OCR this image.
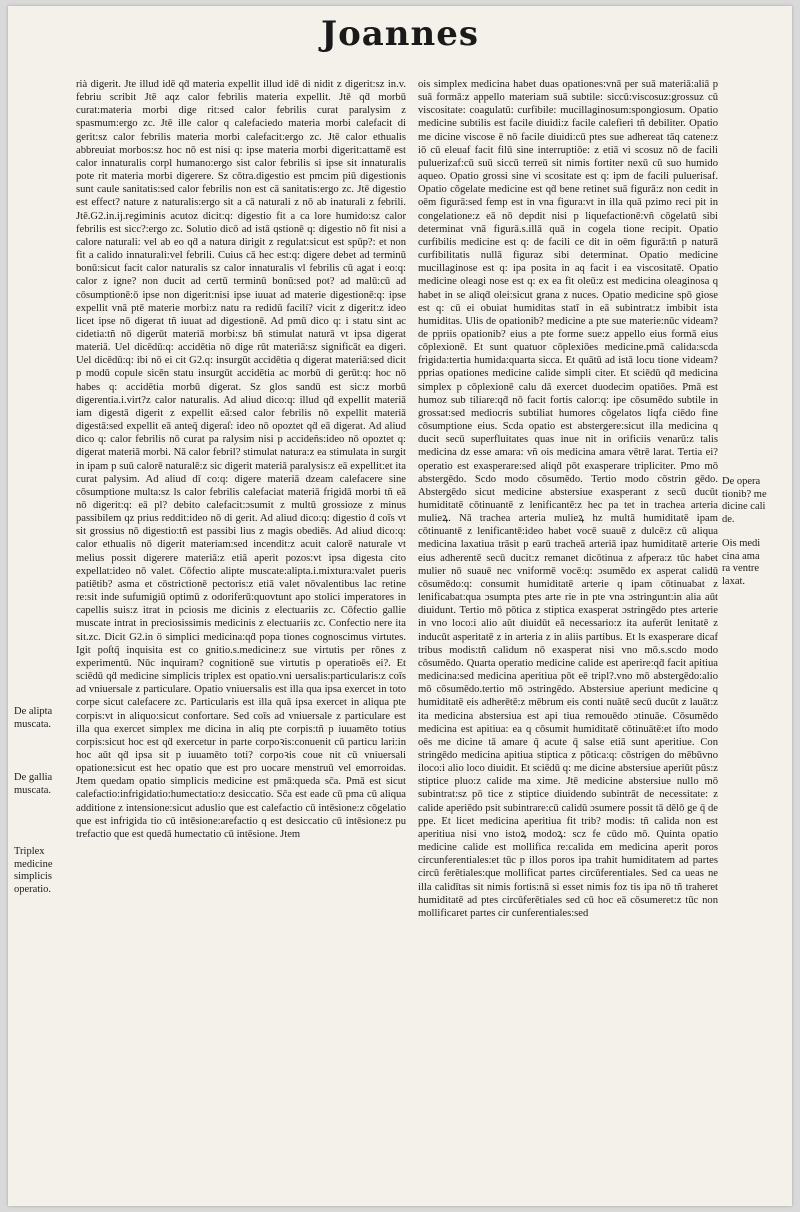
Joannes

rià digerit. Jte illud idē qḋ materia expellit illud idē di nidit z digerit:sz in.v. febriu scribit Jtē aqz calor febrilis materia expellit. Jtē qḋ morbū curat:materia morbi dige rit:sed calor febrilis curat paralysim z spasmum:ergo zc. Jtē ille calor q calefaciedo materia morbi calefacit di gerit:sz calor febrilis materia morbi calefacit:ergo zc. Jtē calor ethualis abbreuiat morbos:sz hoc nō est nisi q: ipse materia morbi digerit:attamē est calor innaturalis corpl humano:ergo sist calor febrilis si ipse sit innaturalis pote rit materia morbi digerere. Sz cōtra.digestio est pmcim piū digestionis sunt caule sanitatis:sed calor febrilis non est cā sanitatis:ergo zc. Jtē digestio est effect? nature z naturalis:ergo sit a cā naturali z nō ab inaturali z febrili. Jtē.G2.in.ij.regiminis acutoz dicit:q: digestio fit a ca lore humido:sz calor febrilis est sicc?:ergo zc. Solutio dicō ad istā qstionē q: digestio nō fit nisi a calore naturali: vel ab eo qḋ a natura dirigit z regulat:sicut est spūp?: et non fit a calido innaturali:vel febrili. Cuius cā hec est:q: digere debet ad terminū bonū:sicut facit calor naturalis sz calor innaturalis vl febrilis cū agat i eo:q: calor z igne? non ducit ad certū terminū bonū:sed pot? ad malū:cū ad cōsumptionē:ō ipse non digerit:nisi ipse iuuat ad materie digestionē:q: ipse expellit vnā ptē materie morbi:z natu ra redidū facilí? vicit z digerit:z ideo licet ipse nō digerat tñ iuuat ad digestionē. Ad pmū dico q: i statu sint ac cidetia:tñ nō digerūt materiā morbi:sz bñ stimulat naturā vt ipsa digerat materiā. Uel dicēdū:q: accidētia nō dige rūt materiā:sz significāt ea digeri. Uel dicēdū:q: ibi nō ei cit G2.q: insurgūt accidētia q digerat materiā:sed dicit p modū copule sicēn statu insurgūt accidētia ac morbū di gerūt:q: hoc nō habes q: accidētia morbū digerat. Sz glos sandū est sic:z morbū digerentia.i.virt?z calor naturalis. Ad aliud dico:q: illud qḋ expellit materiā iam digestā digerit z expellit eā:sed calor febrilis nō expellit materiā digestā:sed expellit eā anteq̄ digeraſ: ideo nō opoztet qḋ eā digerat. Ad aliud dico q: calor febrilis nō curat pa ralysim nisi p accideñs:ideo nō opoztet q: digerat materiā morbi. Nā calor febril? stimulat natura:z ea stimulata in surgit in ipam p suū calorē naturalē:z sic digerit materiā paralysis:z eā expellit:et ita curat palysim. Ad aliud dī co:q: digere materiā dzeam calefacere sine cōsumptione multa:sz ls calor febrilis calefaciat materiā frigidā morbi tñ eā nō digerit:q: eā pl? debito calefacit:ɔsumit z multū grossioze z minus passibilem qz prius reddit:ideo nō di gerit. Ad aliud dico:q: digestio ḋ coīs vt sit grossius nō digestio:tñ est passibi lius z magis obediēs. Ad aliud dico:q: calor ethualis nō digerit materiam:sed incendit:z acuit calorē naturale vt melius possit digerere materiā:z etiā aperit pozos:vt ipsa digesta cito expellat:ideo nō valet. Cōfectio alipte muscate:alipta.i.mixtura:valet pueris patiētib? asma et cōstrictionē pectoris:z etiā valet nōvalentibus lac retine re:sit inde sufumigiū optimū z odoriferū:quovtunt apo stolici imperatores in capellis suis:z itrat in pciosis me dicinis z electuariis zc. Cōfectio gallie muscate intrat in preciosissimis medicinis z electuariis zc. Confectio nere ita sit.zc. Dicit G2.in ö simplici medicina:qḋ popa tiones cognoscimus virtutes. Igit poſtq̄ inquisita est co gnitio.s.medicine:z sue virtutis per rōnes z experimentū. Nūc inquiram? cognitionē sue virtutis p operatioēs ei?. Et sciēdū qḋ medicine simplicis triplex est opatio.vni uersalis:particularis:z coīs ad vniuersale z particulare. Opatio vniuersalis est illa qua ipsa exercet in toto corpe sicut calefacere zc. Particularis est illa quā ipsa exercet in aliqua pte corpis:vt in aliquo:sicut confortare. Sed coīs ad vniuersale z particulare est illa qua exercet simplex me dicina in aliq pte corpis:tñ p iuuamēto totius corpis:sicut hoc est qḋ exercetur in parte corpoꝛis:conuenit cū particu lari:in hoc aūt qḋ ipsa sit p iuuamēto toti? corpoꝛis coue nit cū vniuersali opatione:sicut est hec opatio que est pro uocare menstruū vel emorroidas. Jtem quedam opatio simplicis medicine est pmā:queda sc̄a. Pmā est sicut calefactio:infrigidatio:humectatio:z desiccatio. Sc̄a est eade cū pma cū aliqua additione z intensione:sicut aduslio que est calefactio cū intēsione:z cōgelatio que est infrigida tio cū intēsione:arefactio q est desiccatio cū intēsione:z pu trefactio que est quedā humectatio cū intēsione. Jtem

ois simplex medicina habet duas opationes:vnā per suā materiā:aliā p suā formā:z appello materiam suā subtile: siccū:viscosuz:grossuz cū viscositate: coagulatū: curfibile: mucillaginosum:spongiosum. Opatio medicine subtilis est facile diuidi:z facile calefieri tñ debiliter. Opatio me dicine viscose ē nō facile diuidi:cū ptes sue adhereat tāq catene:z iō cū eleuaf facit filū sine interruptiōe: z etiā vi scosuz nō de facili puluerizaf:cū suū siccū terreū sit nimis fortiter nexū cū suo humido aqueo. Opatio grossi sine vi scositate est q: ipm de facili puluerisaf. Opatio cōgelate medicine est qḋ bene retinet suā figurā:z non cedit in oēm figurā:sed femp est in vna figura:vt in illa quā pzimo reci pit in congelatione:z eā nō depdit nisi p liquefactionē:vñ cōgelatū sibi determinat vnā figurā.s.illā quā in cogela tione recipit. Opatio curfibilis medicine est q: de facili ce dit in oēm figurā:tñ p naturā curfibilitatis nullā figuraz sibi determinat. Opatio medicine mucillaginose est q: ipa posita in aq facit i ea viscositatē. Opatio medicine oleagi nose est q: ex ea fit oleū:z est medicina oleaginosa q habet in se aliqḋ olei:sicut grana z nuces. Opatio medicine spō giose est q: cū ei obuiat humiditas statī in eā subintrat:z imbibit ista humiditas. Ulis de opationib? medicine a pte sue materie:nūc videam? de ppriis opationib? eius a pte forme sue:z appello eius formā eius cōplexionē. Et sunt quatuor cōplexiōes medicine.pmā calida:scda frigida:tertia humida:quarta sicca. Et quātū ad istā locu tione videam? pprias opationes medicine calide simpli citer. Et sciēdū qḋ medicina simplex p cōplexionē calu dā exercet duodecim opatiōes. Pmā est humoz sub tiliare:qḋ nō facit fortis calor:q: ipe cōsumēdo subtile in grossat:sed mediocris subtiliat humores cōgelatos liqfa ciēdo fine cōsumptione eius. Scda opatio est abstergere:sicut illa medicina q ducit secū superfluitates quas inue nit in orificiis venarū:z talis medicina dz esse amara: vñ ois medicina amara vētrē larat. Tertia ei? operatio est exasperare:sed aliqḋ pōt exasperare tripliciter. Pmo mō abstergēdo. Scdo modo cōsumēdo. Tertio modo cōstrin gēdo. Abstergēdo sicut medicine abstersiue exasperant z secū ducūt humiditatē cōtinuantē z lenificantē:z hec pa tet in trachea arteria mulieꝝ. Nā trachea arteria mulieꝝ hz multā humiditatē ipam cōtinuantē z lenificantē:ideo habet vocē suauē z dulcē:z cū aliqua medicina laxatiua trāsit p earū tracheā arteriā ipaz humiditatē arterie eius adherentē secū ducit:z remanet dicōtinua z afpera:z tūc habet mulier nō suauē nec vniformē vocē:q: ɔsumēdo ex asperat calidū cōsumēdo:q: consumit humiditatē arterie q ipam cōtinuabat z lenificabat:qua ɔsumpta ptes arte rie in pte vna ɔstringunt:in alia aūt diuidunt. Tertio mō pōtica z stiptica exasperat ɔstringēdo ptes arterie in vno loco:i alio aūt diuidūt eā necessario:z ita auferūt lenitatē z inducūt asperitatē z in arteria z in aliis partibus. Et ls exasperare dicaf tribus modis:tñ calidum nō exasperat nisi vno mō.s.scdo modo cōsumēdo. Quarta operatio medicine calide est aperire:qḋ facit apitiua medicina:sed medicina aperitiua pōt eē tripl?.vno mō abstergēdo:alio mō cōsumēdo.tertio mō ɔstringēdo. Abstersiue aperiunt medicine q humiditatē eis adherētē:z mēbrum eis conti nuātē secū ducūt z lauāt:z ita medicina abstersiua est api tiua remouēdo ɔtinuāe. Cōsumēdo medicina est apitiua: ea q cōsumit humiditatē cōtinuātē:et iſto modo oēs me dicine tā amare q̄ acute q̄ salse etiā sunt aperitiue. Con stringēdo medicina apitiua stiptica z pōtica:q: cōstrigen do mēbūvno iloco:i alio loco diuidit. Et sciēdū q: me dicine abstersiue aperiūt pūs:z stiptice pluo:z calide ma xime. Jtē medicine abstersiue nullo mō subintrat:sz pō tice z stiptice diuidendo subintrāt de necessitate: z calide aperiēdo psit subintrare:cū calidū ɔsumere possit tā dēlō ge q̄ de ppe. Et licet medicina aperitiua fit trib? modis: tñ calida non est aperitiua nisi vno istoꝝ modoꝝ: scz fe cūdo mō. Quinta opatio medicine calide est mollifica re:calida em medicina aperit poros circunferentiales:et tūc p illos poros ipa trahit humiditatem ad partes circū ferētiales:que mollificat partes circūferentiales. Sed ca ueas ne illa calidītas sit nimis fortis:nā si esset nimis foz tis ipa nō tñ traheret humiditatē ad ptes circūferētiales sed cū hoc eā cōsumeret:z tūc non mollificaret partes cir cunferentiales:sed

De alipta
muscata.
De gallia
muscata.
Triplex
medicine
simplicis
operatio.
De opera
tionib? me
dicine cali
de.
Ois medi
cina ama
ra ventre
laxat.
